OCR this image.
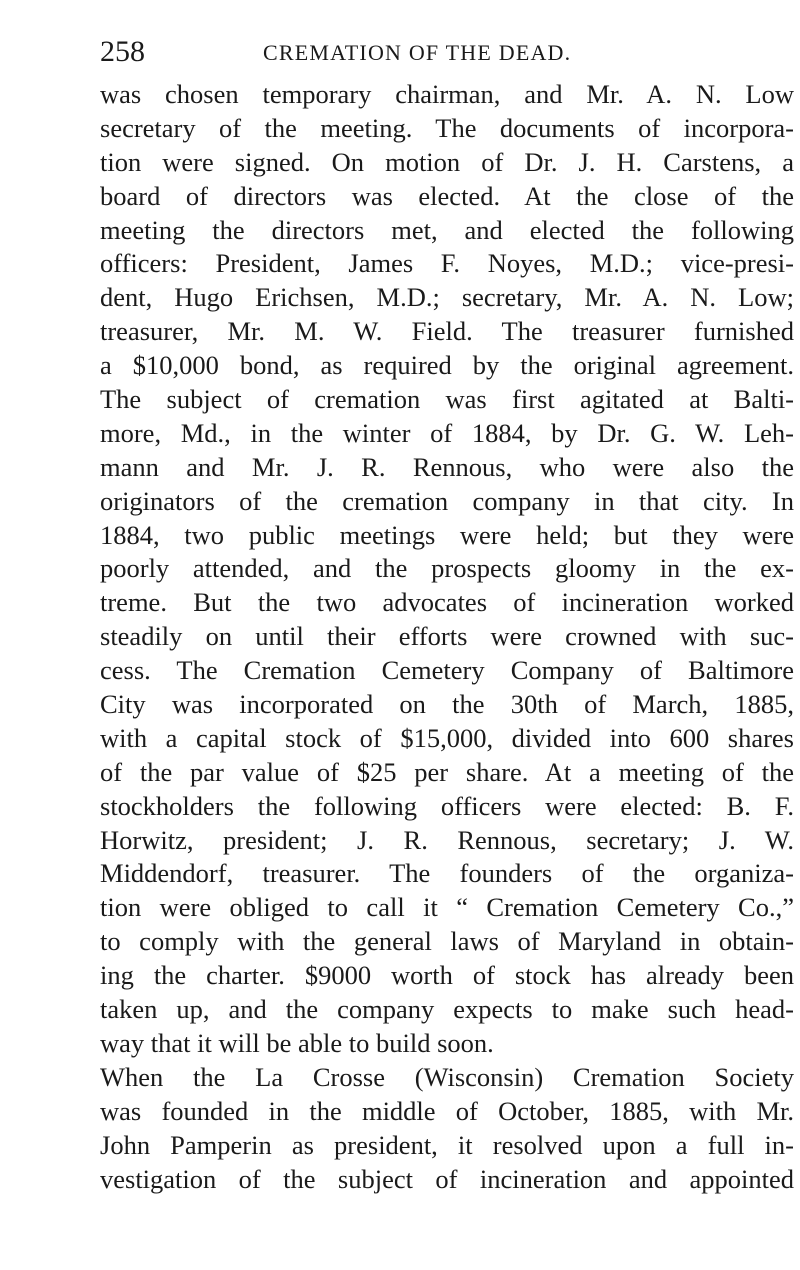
258	CREMATION OF THE DEAD.
was chosen temporary chairman, and Mr. A. N. Low
secretary of the meeting. The documents of incorpora-
tion were signed. On motion of Dr. J. H. Carstens, a
board of directors was elected. At the close of the
meeting the directors met, and elected the following
officers: President, James F. Noyes, M.D.; vice-presi-
dent, Hugo Erichsen, M.D.; secretary, Mr. A. N. Low;
treasurer, Mr. M. W. Field. The treasurer furnished
a $10,000 bond, as required by the original agreement.
The subject of cremation was first agitated at Balti-
more, Md., in the winter of 1884, by Dr. G. W. Leh-
mann and Mr. J. R. Rennous, who were also the
originators of the cremation company in that city. In
1884, two public meetings were held; but they were
poorly attended, and the prospects gloomy in the ex-
treme. But the two advocates of incineration worked
steadily on until their efforts were crowned with suc-
cess. The Cremation Cemetery Company of Baltimore
City was incorporated on the 30th of March, 1885,
with a capital stock of $15,000, divided into 600 shares
of the par value of $25 per share. At a meeting of the
stockholders the following officers were elected: B. F.
Horwitz, president; J. R. Rennous, secretary; J. W.
Middendorf, treasurer. The founders of the organiza-
tion were obliged to call it “ Cremation Cemetery Co.,”
to comply with the general laws of Maryland in obtain-
ing the charter. $9000 worth of stock has already been
taken up, and the company expects to make such head-
way that it will be able to build soon.
When the La Crosse (Wisconsin) Cremation Society
was founded in the middle of October, 1885, with Mr.
John Pamperin as president, it resolved upon a full in-
vestigation of the subject of incineration and appointed
